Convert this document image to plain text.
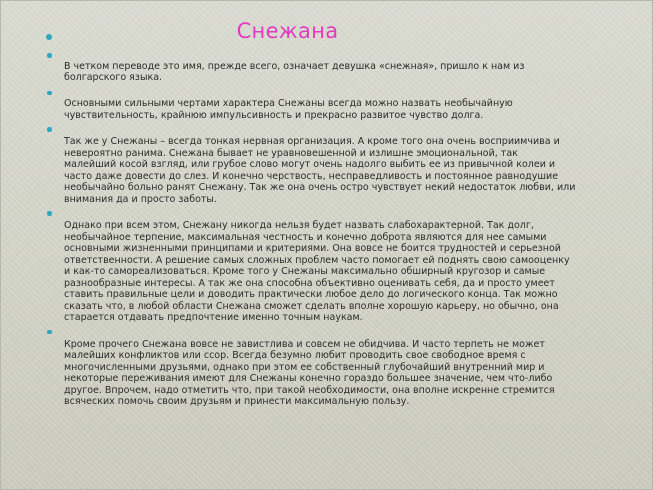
Снежана

В четком переводе это имя, прежде всего, означает девушка «снежная», пришло к нам из
болгарского языка.

Основными сильными чертами характера Снежаны всегда можно назвать необычайную
чувствительность, крайнюю импульсивность и прекрасно развитое чувство долга.

Так же у Снежаны – всегда тонкая нервная организация. А кроме того она очень восприимчива и
невероятно ранима. Снежана бывает не уравновешенной и излишне эмоциональной, так
малейший косой взгляд, или грубое слово могут очень надолго выбить ее из привычной колеи и
часто даже довести до слез. И конечно черствость, несправедливость и постоянное равнодушие
необычайно больно ранят Снежану. Так же она очень остро чувствует некий недостаток любви, или
внимания да и просто заботы.

Однако при всем этом, Снежану никогда нельзя будет назвать слабохарактерной. Так долг,
необычайное терпение, максимальная честность и конечно доброта являются для нее самыми
основными жизненными принципами и критериями. Она вовсе не боится трудностей и серьезной
ответственности. А решение самых сложных проблем часто помогает ей поднять свою самооценку
и как-то самореализоваться. Кроме того у Снежаны максимально обширный кругозор и самые
разнообразные интересы. А так же она способна объективно оценивать себя, да и просто умеет
ставить правильные цели и доводить практически любое дело до логического конца. Так можно
сказать что, в любой области Снежана сможет сделать вполне хорошую карьеру, но обычно, она
старается отдавать предпочтение именно точным наукам.

Кроме прочего Снежана вовсе не завистлива и совсем не обидчива. И часто терпеть не может
малейших конфликтов или ссор. Всегда безумно любит проводить свое свободное время с
многочисленными друзьями, однако при этом ее собственный глубочайший внутренний мир и
некоторые переживания имеют для Снежаны конечно гораздо большее значение, чем что-либо
другое. Впрочем, надо отметить что, при такой необходимости, она вполне искренне стремится
всяческих помочь своим друзьям и принести максимальную пользу.
